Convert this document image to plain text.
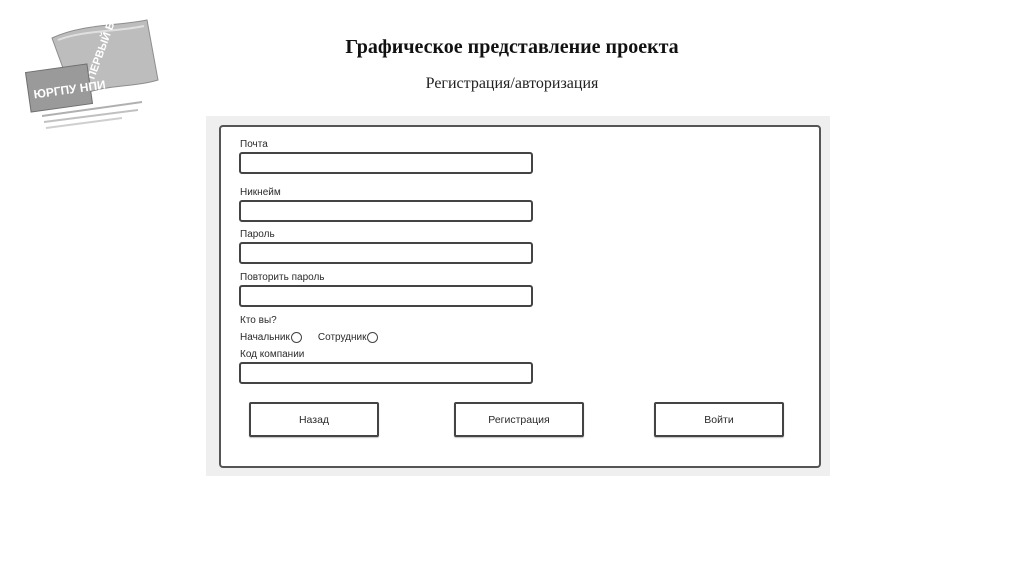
ЮРГПУ НПИ
Графическое представление проекта
Регистрация/авторизация
Почта
Никнейм
Пароль
Повторить пароль
Кто вы?
Начальник	Сотрудник
Код компании
Назад	Регистрация	Войти
